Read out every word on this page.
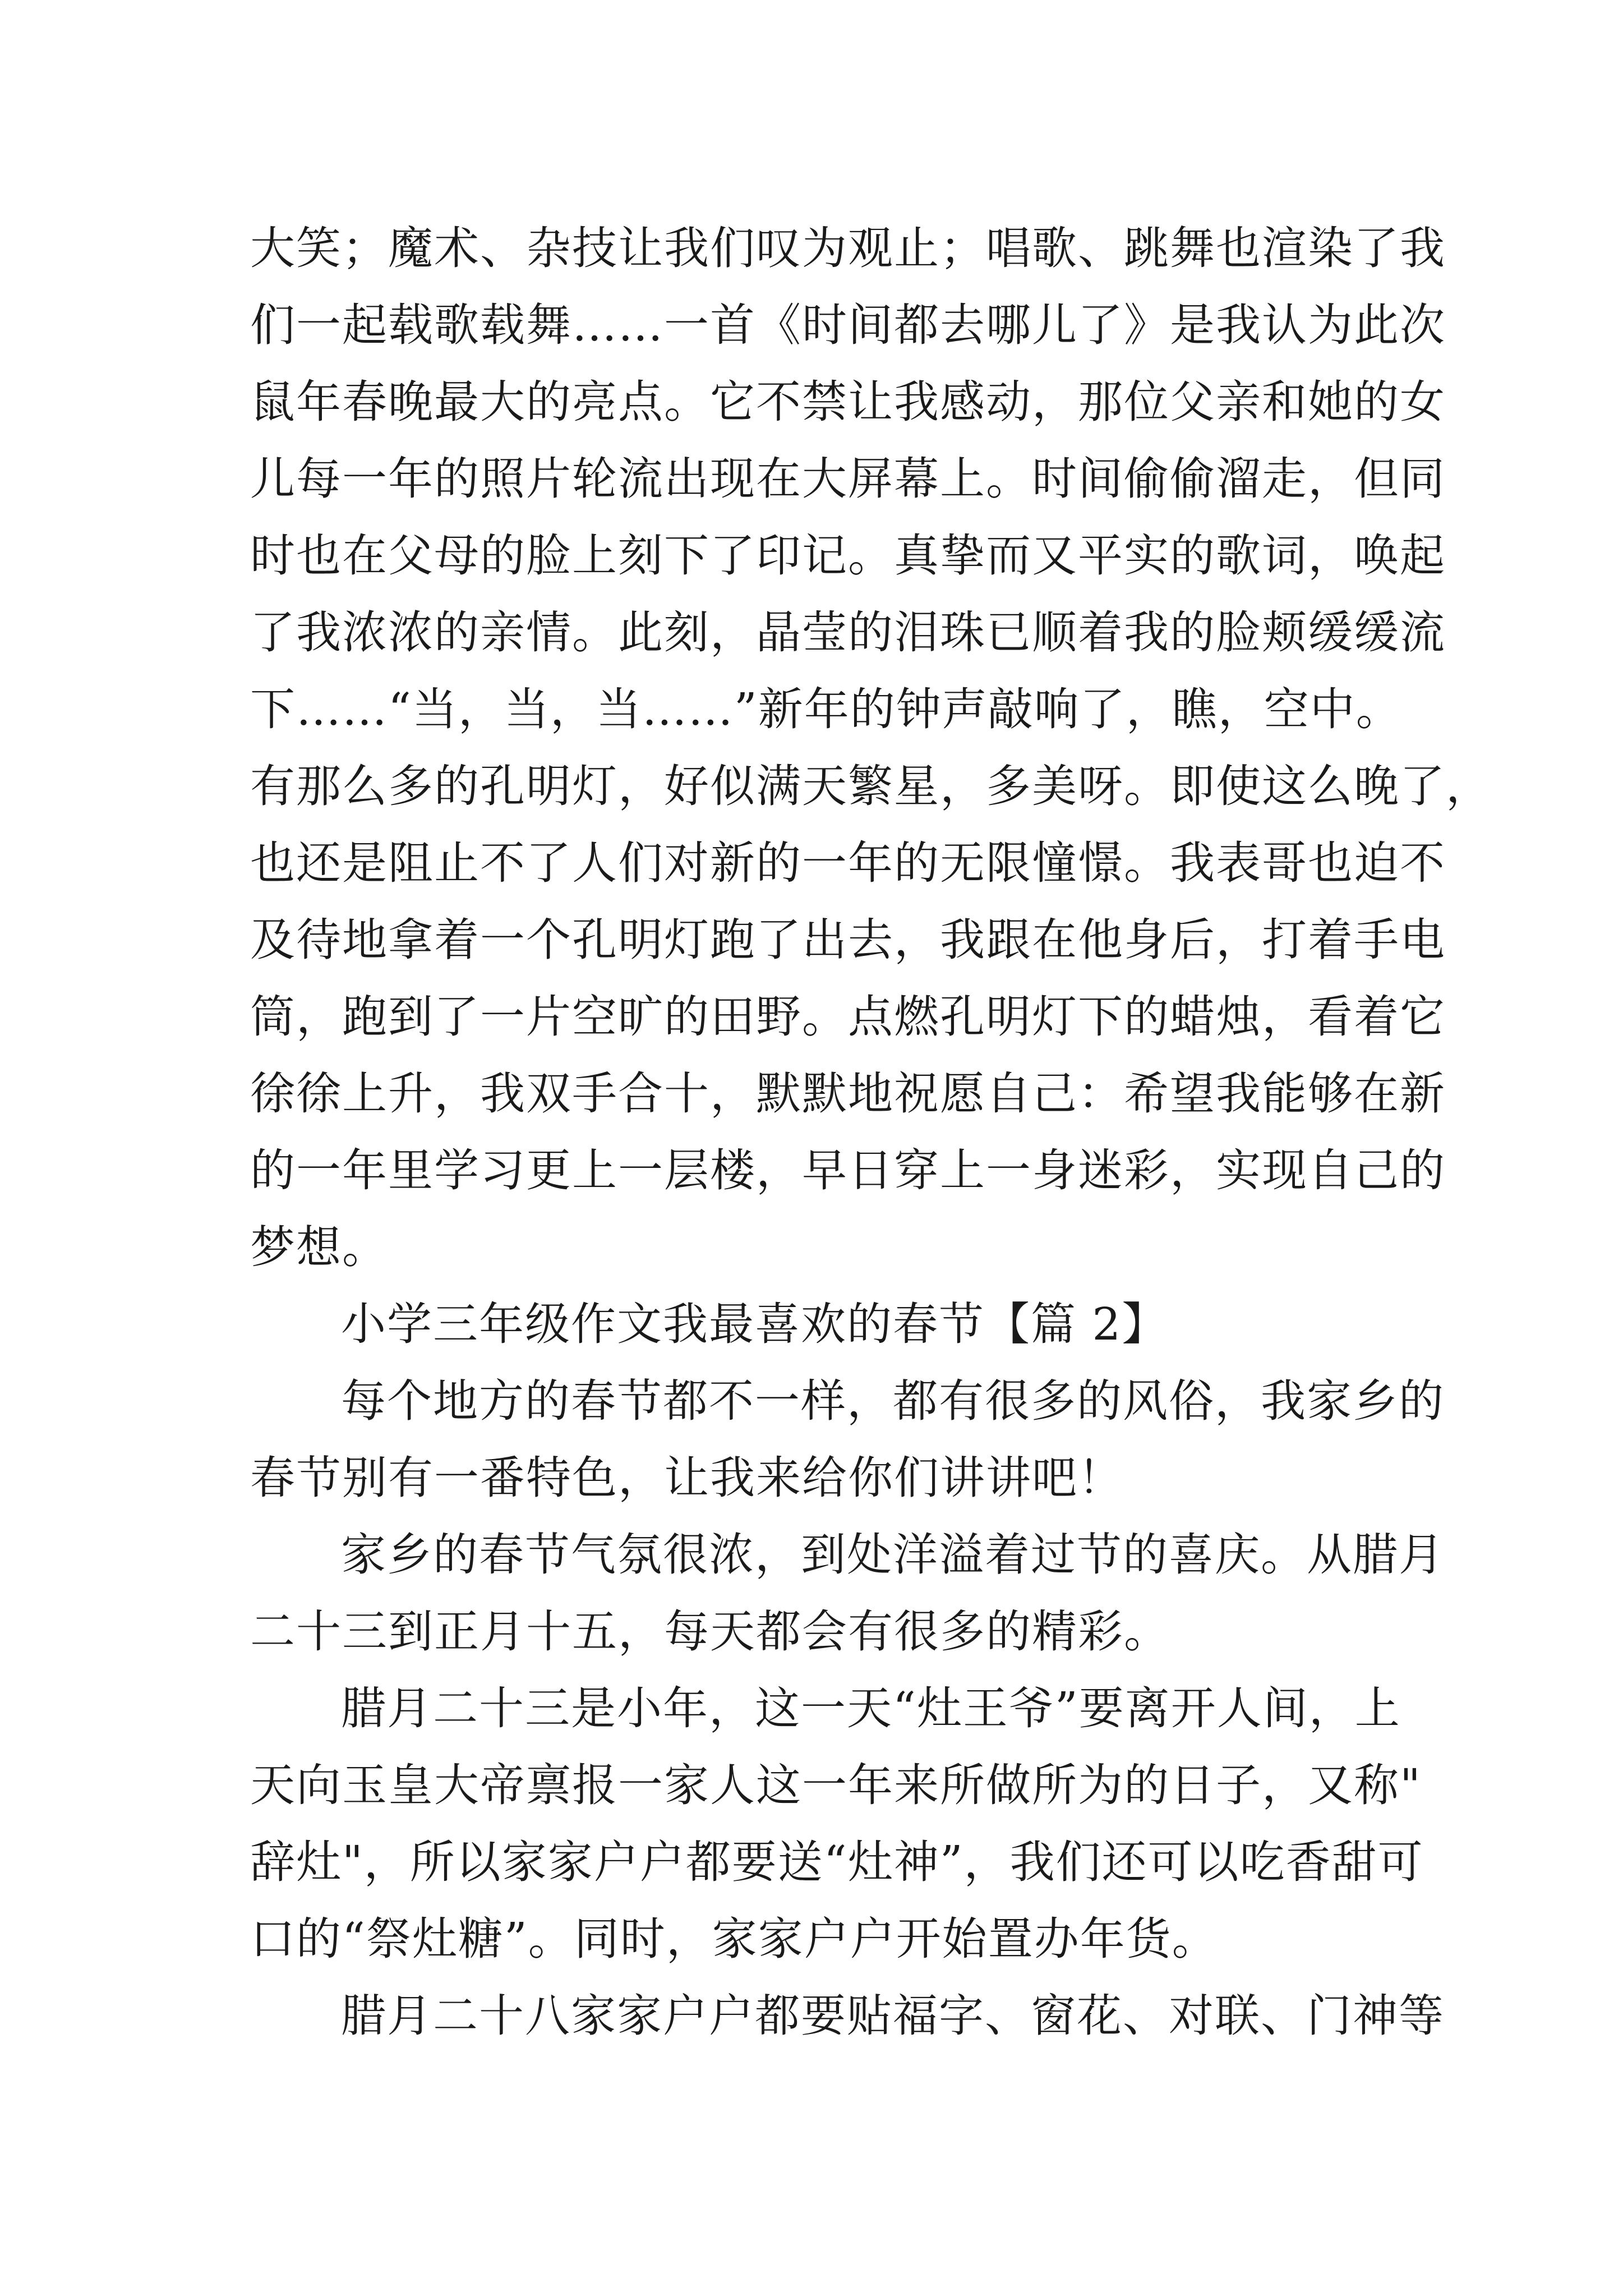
大笑；魔术、杂技让我们叹为观止；唱歌、跳舞也渲染了我
们一起载歌载舞……一首《时间都去哪儿了》是我认为此次
鼠年春晚最大的亮点。它不禁让我感动，那位父亲和她的女
儿每一年的照片轮流出现在大屏幕上。时间偷偷溜走，但同
时也在父母的脸上刻下了印记。真挚而又平实的歌词，唤起
了我浓浓的亲情。此刻，晶莹的泪珠已顺着我的脸颊缓缓流
下……“当，当，当……”新年的钟声敲响了，瞧，空中。
有那么多的孔明灯，好似满天繁星，多美呀。即使这么晚了，
也还是阻止不了人们对新的一年的无限憧憬。我表哥也迫不
及待地拿着一个孔明灯跑了出去，我跟在他身后，打着手电
筒，跑到了一片空旷的田野。点燃孔明灯下的蜡烛，看着它
徐徐上升，我双手合十，默默地祝愿自己：希望我能够在新
的一年里学习更上一层楼，早日穿上一身迷彩，实现自己的
梦想。
小学三年级作文我最喜欢的春节【篇 2】
每个地方的春节都不一样，都有很多的风俗，我家乡的
春节别有一番特色，让我来给你们讲讲吧！
家乡的春节气氛很浓，到处洋溢着过节的喜庆。从腊月
二十三到正月十五，每天都会有很多的精彩。
腊月二十三是小年，这一天“灶王爷”要离开人间，上
天向玉皇大帝禀报一家人这一年来所做所为的日子，又称"
辞灶"，所以家家户户都要送“灶神”，我们还可以吃香甜可
口的“祭灶糖”。同时，家家户户开始置办年货。
腊月二十八家家户户都要贴福字、窗花、对联、门神等
